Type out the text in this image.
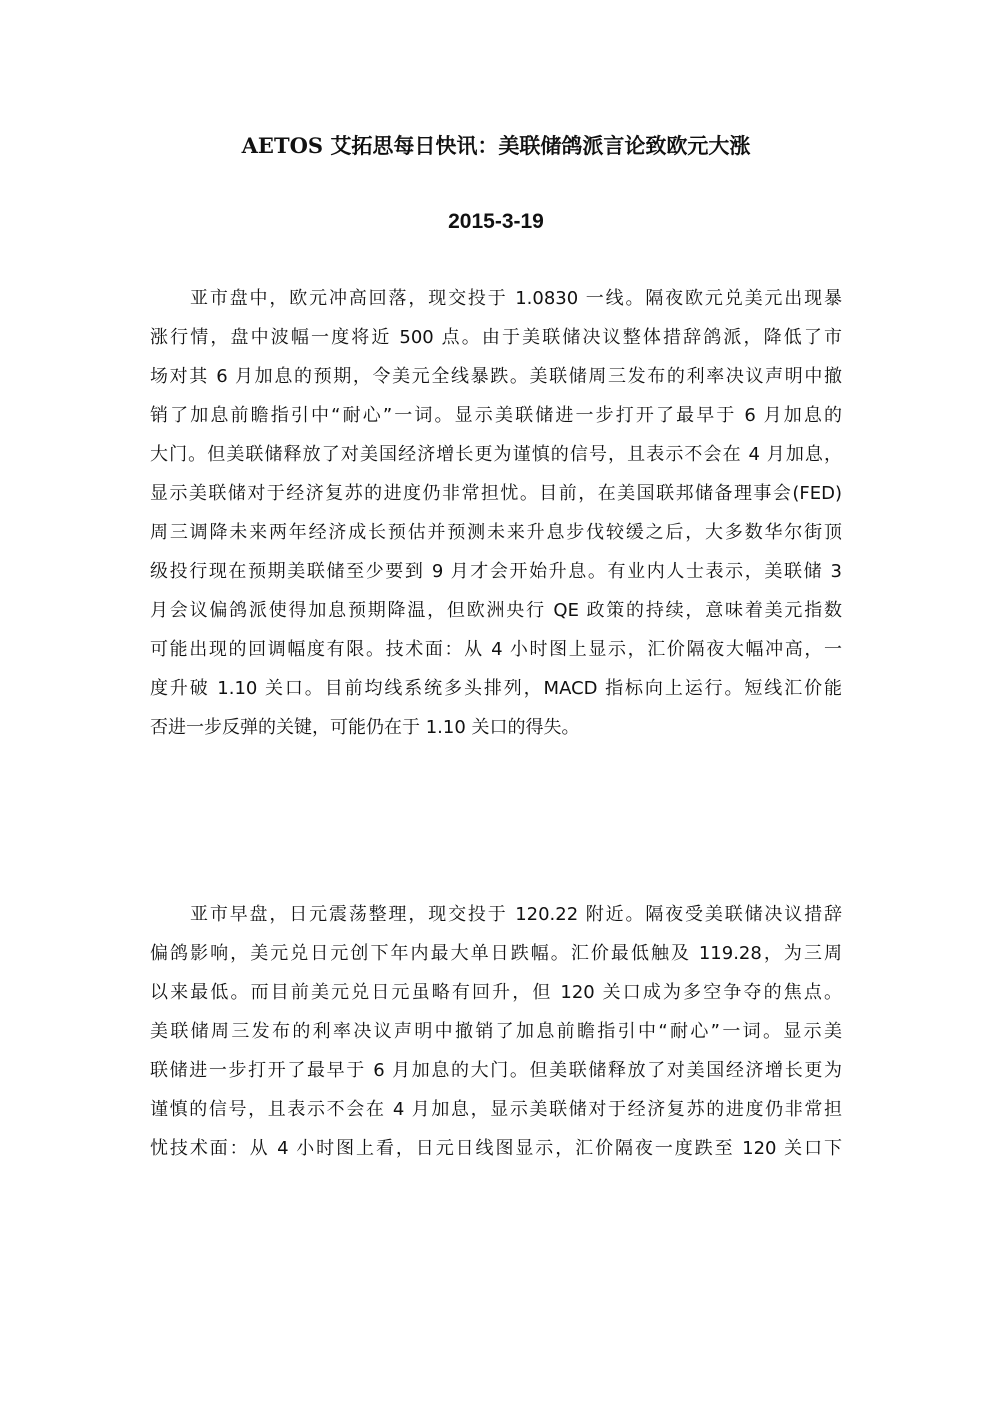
AETOS 艾拓思每日快讯：美联储鸽派言论致欧元大涨
2015-3-19
亚市盘中，欧元冲高回落，现交投于 1.0830 一线。隔夜欧元兑美元出现暴
涨行情，盘中波幅一度将近 500 点。由于美联储决议整体措辞鸽派，降低了市
场对其 6 月加息的预期，令美元全线暴跌。美联储周三发布的利率决议声明中撤
销了加息前瞻指引中“耐心”一词。显示美联储进一步打开了最早于 6 月加息的
大门。但美联储释放了对美国经济增长更为谨慎的信号，且表示不会在 4 月加息，
显示美联储对于经济复苏的进度仍非常担忧。目前，在美国联邦储备理事会(FED)
周三调降未来两年经济成长预估并预测未来升息步伐较缓之后，大多数华尔街顶
级投行现在预期美联储至少要到 9 月才会开始升息。有业内人士表示，美联储 3
月会议偏鸽派使得加息预期降温，但欧洲央行 QE 政策的持续，意味着美元指数
可能出现的回调幅度有限。技术面：从 4 小时图上显示，汇价隔夜大幅冲高，一
度升破 1.10 关口。目前均线系统多头排列，MACD 指标向上运行。短线汇价能
否进一步反弹的关键，可能仍在于 1.10 关口的得失。
亚市早盘，日元震荡整理，现交投于 120.22 附近。隔夜受美联储决议措辞
偏鸽影响，美元兑日元创下年内最大单日跌幅。汇价最低触及 119.28，为三周
以来最低。而目前美元兑日元虽略有回升，但 120 关口成为多空争夺的焦点。
美联储周三发布的利率决议声明中撤销了加息前瞻指引中“耐心”一词。显示美
联储进一步打开了最早于 6 月加息的大门。但美联储释放了对美国经济增长更为
谨慎的信号，且表示不会在 4 月加息，显示美联储对于经济复苏的进度仍非常担
忧技术面：从 4 小时图上看，日元日线图显示，汇价隔夜一度跌至 120 关口下
